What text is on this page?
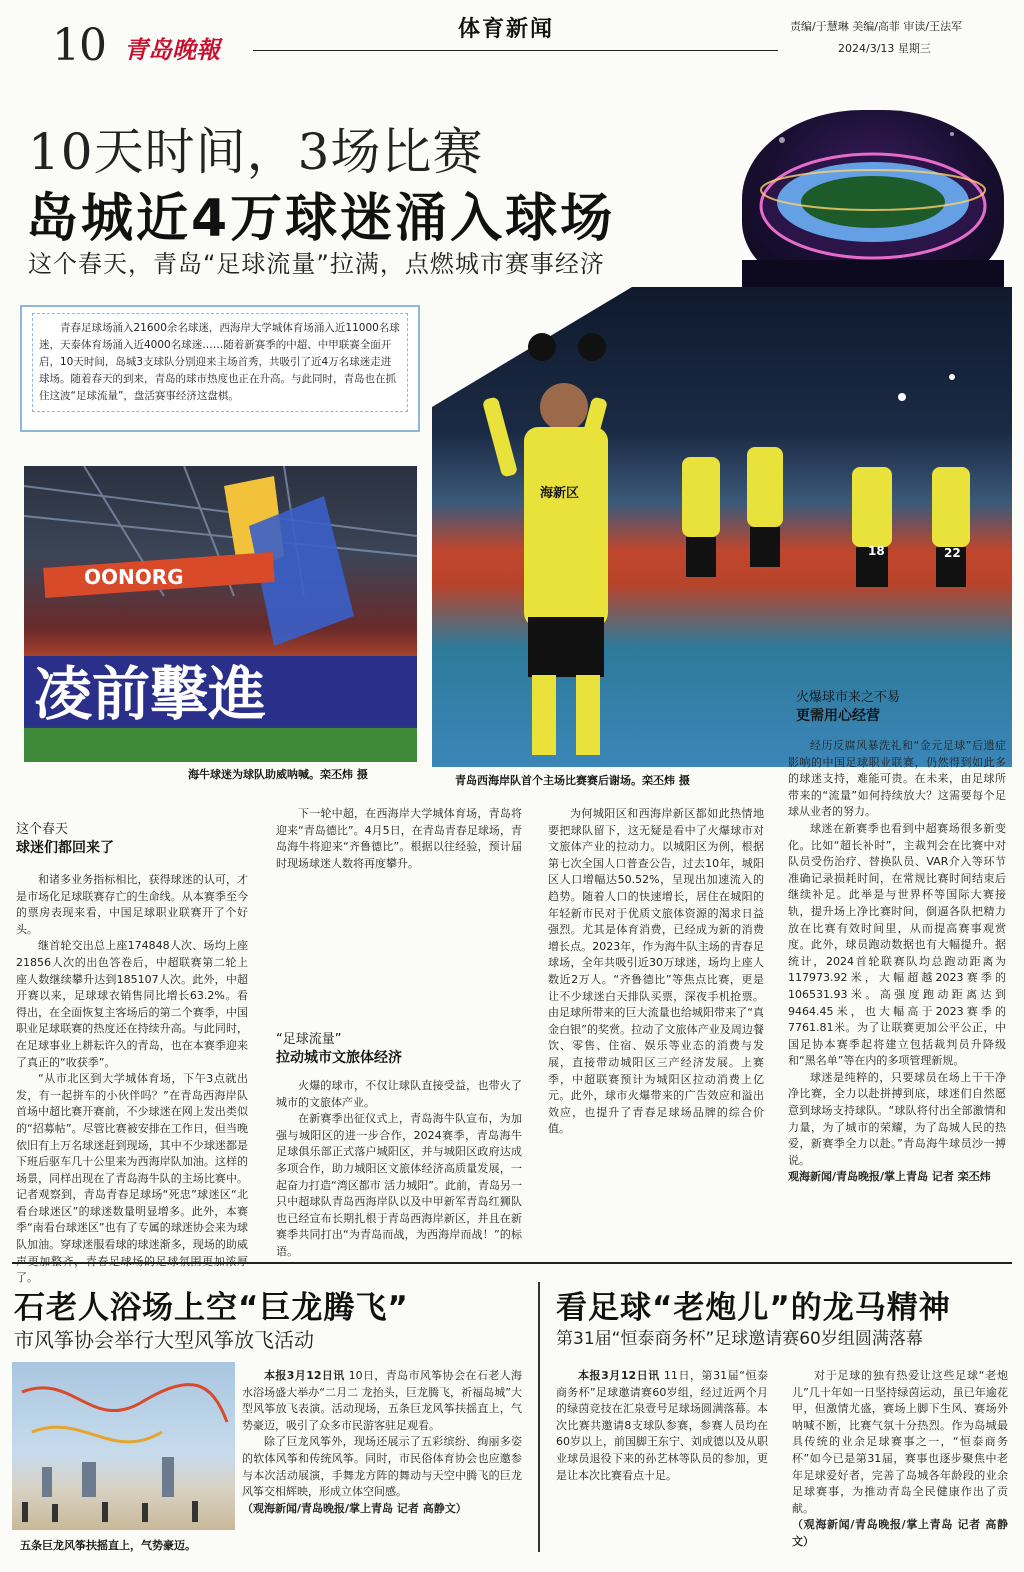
10 青岛晚報
体育新闻	责编/于慧琳 美编/高菲 审读/王法军
2024/3/13 星期三
10天时间，3场比赛
岛城近4万球迷涌入球场
这个春天，青岛“足球流量”拉满，点燃城市赛事经济
青春足球场涌入21600余名球迷，西海岸大学城体育场涌入近11000名球迷，天泰体育场涌入近4000名球迷……随着新赛季的中超、中甲联赛全面开启，10天时间，岛城3支球队分别迎来主场首秀，共吸引了近4万名球迷走进球场。随着春天的到来，青岛的球市热度也正在升高。与此同时，青岛也在抓住这波“足球流量”，盘活赛事经济这盘棋。
OONORG
凌前擊進
海牛球迷为球队助威呐喊。栾丕炜 摄
18	22
海新区
青岛西海岸队首个主场比赛赛后谢场。栾丕炜 摄
火爆球市来之不易
更需用心经营

经历反腐风暴洗礼和“金元足球”后遗症影响的中国足球职业联赛，仍然得到如此多的球迷支持，难能可贵。在未来，由足球所带来的“流量”如何持续放大？这需要每个足球从业者的努力。

球迷在新赛季也看到中超赛场很多新变化。比如“超长补时”，主裁判会在比赛中对队员受伤治疗、替换队员、VAR介入等环节准确记录损耗时间，在常规比赛时间结束后继续补足。此举是与世界杯等国际大赛接轨，提升场上净比赛时间，倒逼各队把精力放在比赛有效时间里，从而提高赛事观赏度。此外，球员跑动数据也有大幅提升。据统计，2024首轮联赛队均总跑动距离为117973.92米，大幅超越2023赛季的106531.93米。高强度跑动距离达到9464.45米，也大幅高于2023赛季的7761.81米。为了让联赛更加公平公正，中国足协本赛季起将建立包括裁判员升降级和“黑名单”等在内的多项管理新规。

球迷是纯粹的，只要球员在场上干干净净比赛，全力以赴拼搏到底，球迷们自然愿意到球场支持球队。“球队将付出全部激情和力量，为了城市的荣耀，为了岛城人民的热爱，新赛季全力以赴。”青岛海牛球员沙一搏说。

观海新闻/青岛晚报/掌上青岛 记者 栾丕炜

这个春天
球迷们都回来了

和诸多业务指标相比，获得球迷的认可，才是市场化足球联赛存亡的生命线。从本赛季至今的票房表现来看，中国足球职业联赛开了个好头。

继首轮交出总上座174848人次、场均上座21856人次的出色答卷后，中超联赛第二轮上座人数继续攀升达到185107人次。此外，中超开赛以来，足球球衣销售同比增长63.2%。看得出，在全面恢复主客场后的第二个赛季，中国职业足球联赛的热度还在持续升高。与此同时，在足球事业上耕耘许久的青岛，也在本赛季迎来了真正的“收获季”。

“从市北区到大学城体育场，下午3点就出发，有一起拼车的小伙伴吗？”在青岛西海岸队首场中超比赛开赛前，不少球迷在网上发出类似的“招募帖”。尽管比赛被安排在工作日，但当晚依旧有上万名球迷赶到现场，其中不少球迷都是下班后驱车几十公里来为西海岸队加油。这样的场景，同样出现在了青岛海牛队的主场比赛中。记者观察到，青岛青春足球场“死忠”球迷区“北看台球迷区”的球迷数量明显增多。此外，本赛季“南看台球迷区”也有了专属的球迷协会来为球队加油。穿球迷服看球的球迷渐多，现场的助威 了。

下一轮中超，在西海岸大学城体育场，青岛将迎来“青岛德比”。4月5日，在青岛青春足球场，青岛海牛将迎来“齐鲁德比”。根据以往经验，预计届时现场球迷人数将再度攀升。

“足球流量”
拉动城市文旅体经济

火爆的球市，不仅让球队直接受益，也带火了城市的文旅体产业。

在新赛季出征仪式上，青岛海牛队宣布，为加强与城阳区的进一步合作，2024赛季，青岛海牛足球俱乐部正式落户城阳区，并与城阳区政府达成多项合作，助力城阳区文旅体经济高质量发展，一起奋力打造“湾区都市 活力城阳”。此前，青岛另一只中超球队青岛西海岸队以及中甲新军青岛红狮队也已经宣布长期扎根于青岛西海岸新区，并且在新赛季共同打出“为青岛而战，为西海岸而战！”的标语。

为何城阳区和西海岸新区都如此热情地要把球队留下，这无疑是看中了火爆球市对文旅体产业的拉动力。以城阳区为例，根据第七次全国人口普查公告，过去10年，城阳区人口增幅达50.52%，呈现出加速流入的趋势。随着人口的快速增长，居住在城阳的年轻新市民对于优质文旅体资源的渴求日益强烈。尤其是体育消费，已经成为新的消费增长点。2023年，作为海牛队主场的青春足球场，全年共吸引近30万球迷，场均上座人数近2万人。“齐鲁德比”等焦点比赛，更是让不少球迷白天排队买票，深夜手机抢票。由足球所带来的巨大流量也给城阳带来了“真金白银”的奖赏。拉动了文旅体产业及周边餐饮、零售、住宿、娱乐等业态的消费与发展，直接带动城阳区三产经济发展。上赛季，中超联赛预计为城阳区拉动消费上亿元。此外，球市火爆带来的广告效应和溢出效应，也提升了青春足球场品牌的综合价值。

石老人浴场上空“巨龙腾飞”
市风筝协会举行大型风筝放飞活动
五条巨龙风筝扶摇直上，气势豪迈。

本报3月12日讯 10日，青岛市风筝协会在石老人海水浴场盛大举办“二月二 龙抬头，巨龙腾飞，祈福岛城”大型风筝放飞表演。活动现场，五条巨龙风筝扶摇直上，气势豪迈，吸引了众多市民游客驻足观看。

除了巨龙风筝外，现场还展示了五彩缤纷、绚丽多姿的软体风筝和传统风筝。同时，市民俗体育协会也应邀参与本次活动展演，手舞龙方阵的舞动与天空中腾飞的巨龙风筝交相辉映，形成立体空间感。

（观海新闻/青岛晚报/掌上青岛 记者 高静文）

看足球“老炮儿”的龙马精神
第31届“恒泰商务杯”足球邀请赛60岁组圆满落幕

本报3月12日讯 11日，第31届“恒泰商务杯”足球邀请赛60岁组，经过近两个月的绿茵竞技在汇泉壹号足球场圆满落幕。本次比赛共邀请8支球队参赛，参赛人员均在60岁以上，前国脚王东宁、刘成德以及从职业球员退役下来的孙艺林等队员的参加，更是让本次比赛看点十足。

对于足球的独有热爱让这些足球“老炮儿”几十年如一日坚持绿茵运动，虽已年逾花甲，但激情尤盛，赛场上脚下生风、赛场外呐喊不断，比赛气氛十分热烈。作为岛城最具传统的业余足球赛事之一，“恒泰商务杯”如今已是第31届，赛事也逐步聚焦中老年足球爱好者，完善了岛城各年龄段的业余足球赛事，为推动青岛全民健康作出了贡献。

（观海新闻/青岛晚报/掌上青岛 记者 高静文）
